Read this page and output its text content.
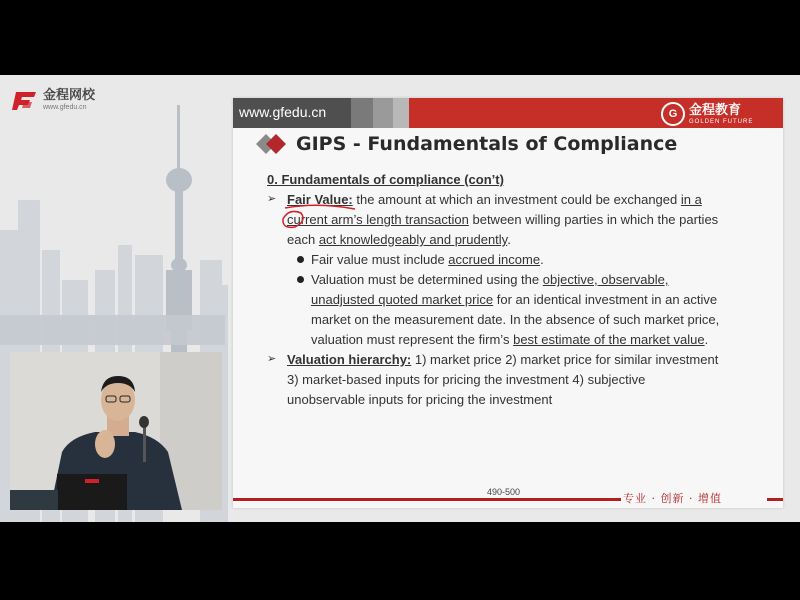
金程网校
www.gfedu.cn	www.gfedu.cn	G 金程教育
GOLDEN FUTURE
GIPS - Fundamentals of Compliance
0. Fundamentals of compliance (con’t)
➢ Fair Value: the amount at which an investment could be exchanged in a
current arm’s length transaction between willing parties in which the parties
each act knowledgeably and prudently.
Fair value must include accrued income.
Valuation must be determined using the objective, observable,
unadjusted quoted market price for an identical investment in an active
market on the measurement date. In the absence of such market price,
valuation must represent the firm’s best estimate of the market value.
➢ Valuation hierarchy: 1) market price 2) market price for similar investment
3) market-based inputs for pricing the investment 4) subjective
unobservable inputs for pricing the investment
490-500	专业 · 创新 · 增值
